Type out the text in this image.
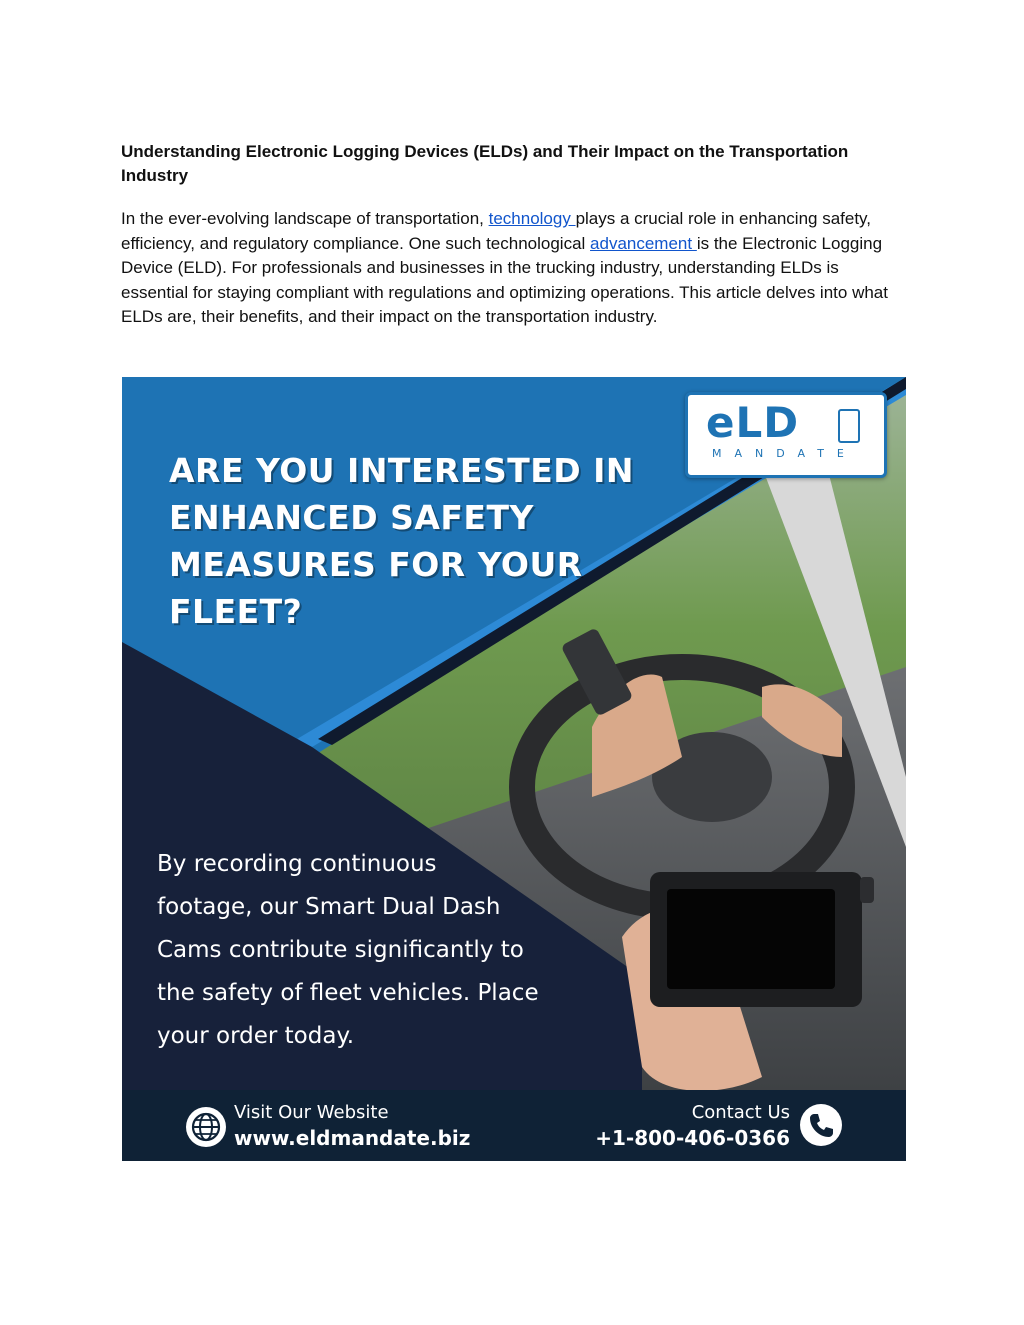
Understanding Electronic Logging Devices (ELDs) and Their Impact on the Transportation Industry

In the ever-evolving landscape of transportation, technology plays a crucial role in enhancing safety, efficiency, and regulatory compliance. One such technological advancement is the Electronic Logging Device (ELD). For professionals and businesses in the trucking industry, understanding ELDs is essential for staying compliant with regulations and optimizing operations. This article delves into what ELDs are, their benefits, and their impact on the transportation industry.

eLD
MANDATE
ARE YOU INTERESTED IN
ENHANCED SAFETY
MEASURES FOR YOUR
FLEET?
By recording continuous
footage, our Smart Dual Dash
Cams contribute significantly to
the safety of fleet vehicles. Place
your order today.
Visit Our Website
www.eldmandate.biz
Contact Us
+1-800-406-0366
